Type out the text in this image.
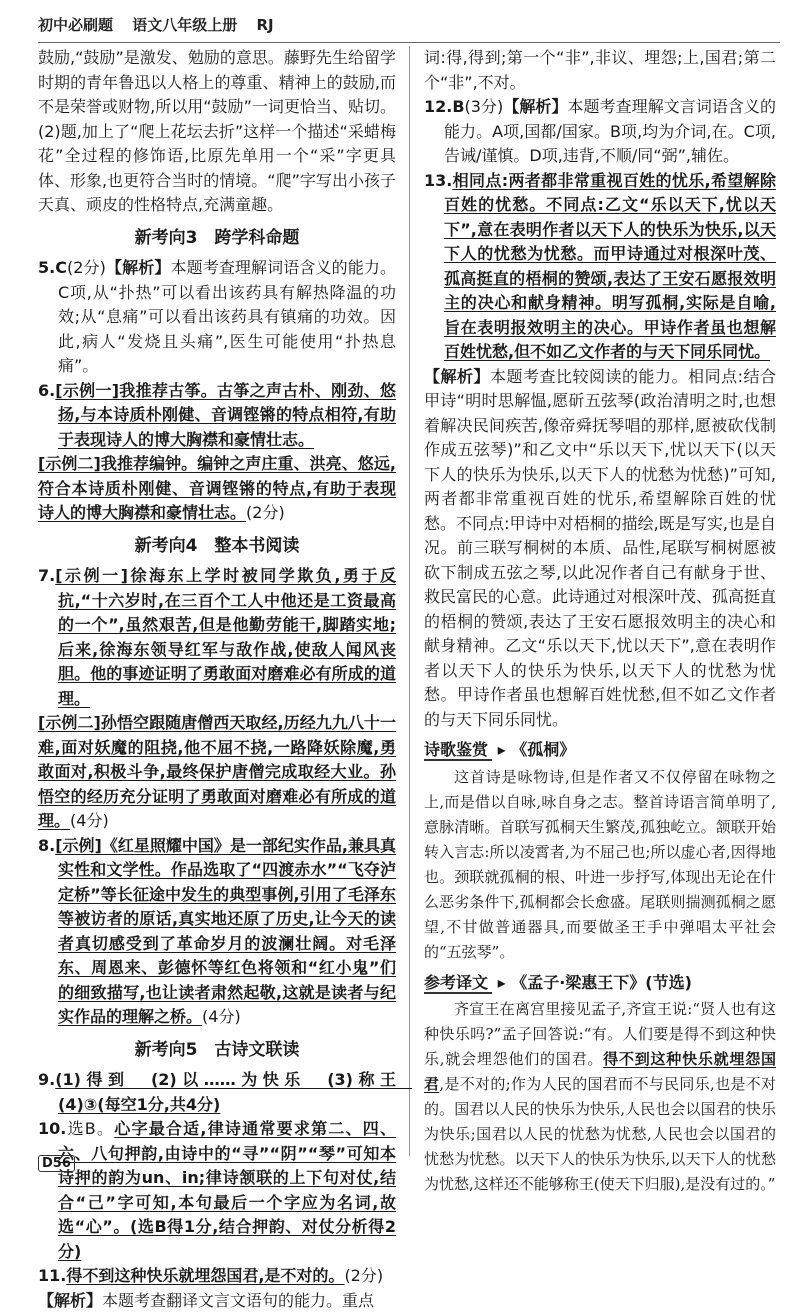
初中必刷题 语文八年级上册 RJ

鼓励,“鼓励”是激发、勉励的意思。藤野先生给留学时期的青年鲁迅以人格上的尊重、精神上的鼓励,而不是荣誉或财物,所以用“鼓励”一词更恰当、贴切。(2)题,加上了“爬上花坛去折”这样一个描述“采蜡梅花”全过程的修饰语,比原先单用一个“采”字更具体、形象,也更符合当时的情境。“爬”字写出小孩子天真、顽皮的性格特点,充满童趣。

新考向3　跨学科命题

5.C(2分)【解析】本题考查理解词语含义的能力。C项,从“扑热”可以看出该药具有解热降温的功效;从“息痛”可以看出该药具有镇痛的功效。因此,病人“发烧且头痛”,医生可能使用“扑热息痛”。

6.[示例一]我推荐古筝。古筝之声古朴、刚劲、悠扬,与本诗质朴刚健、音调铿锵的特点相符,有助于表现诗人的博大胸襟和豪情壮志。

[示例二]我推荐编钟。编钟之声庄重、洪亮、悠远,符合本诗质朴刚健、音调铿锵的特点,有助于表现诗人的博大胸襟和豪情壮志。(2分)

新考向4　整本书阅读

7.[示例一]徐海东上学时被同学欺负,勇于反抗,“十六岁时,在三百个工人中他还是工资最高的一个”,虽然艰苦,但是他勤劳能干,脚踏实地;后来,徐海东领导红军与敌作战,使敌人闻风丧胆。他的事迹证明了勇敢面对磨难必有所成的道理。

[示例二]孙悟空跟随唐僧西天取经,历经九九八十一难,面对妖魔的阻挠,他不屈不挠,一路降妖除魔,勇敢面对,积极斗争,最终保护唐僧完成取经大业。孙悟空的经历充分证明了勇敢面对磨难必有所成的道理。(4分)

8.[示例]《红星照耀中国》是一部纪实作品,兼具真实性和文学性。作品选取了“四渡赤水”“飞夺泸定桥”等长征途中发生的典型事例,引用了毛泽东等被访者的原话,真实地还原了历史,让今天的读者真切感受到了革命岁月的波澜壮阔。对毛泽东、周恩来、彭德怀等红色将领和“红小鬼”们的细致描写,也让读者肃然起敬,这就是读者与纪实作品的理解之桥。(4分)

新考向5　古诗文联读

9.(1)得到　(2)以……为快乐　(3)称王　(4)③(每空1分,共4分)

10.选B。心字最合适,律诗通常要求第二、四、六、八句押韵,由诗中的“寻”“阴”“琴”可知本诗押的韵为un、in;律诗颔联的上下句对仗,结合“己”字可知,本句最后一个字应为名词,故选“心”。(选B得1分,结合押韵、对仗分析得2分)

11.得不到这种快乐就埋怨国君,是不对的。(2分)

【解析】本题考查翻译文言文语句的能力。重点

词:得,得到;第一个“非”,非议、埋怨;上,国君;第二个“非”,不对。

12.B(3分)【解析】本题考查理解文言词语含义的能力。A项,国都/国家。B项,均为介词,在。C项,告诫/谨慎。D项,违背,不顺/同“弼”,辅佐。

13.相同点:两者都非常重视百姓的忧乐,希望解除百姓的忧愁。不同点:乙文“乐以天下,忧以天下”,意在表明作者以天下人的快乐为快乐,以天下人的忧愁为忧愁。而甲诗通过对根深叶茂、孤高挺直的梧桐的赞颂,表达了王安石愿报效明主的决心和献身精神。明写孤桐,实际是自喻,旨在表明报效明主的决心。甲诗作者虽也想解百姓忧愁,但不如乙文作者的与天下同乐同忧。

【解析】本题考查比较阅读的能力。相同点:结合甲诗“明时思解愠,愿斫五弦琴(政治清明之时,也想着解决民间疾苦,像帝舜抚琴唱的那样,愿被砍伐制作成五弦琴)”和乙文中“乐以天下,忧以天下(以天下人的快乐为快乐,以天下人的忧愁为忧愁)”可知,两者都非常重视百姓的忧乐,希望解除百姓的忧愁。不同点:甲诗中对梧桐的描绘,既是写实,也是自况。前三联写桐树的本质、品性,尾联写桐树愿被砍下制成五弦之琴,以此况作者自己有献身于世、救民富民的心意。此诗通过对根深叶茂、孤高挺直的梧桐的赞颂,表达了王安石愿报效明主的决心和献身精神。乙文“乐以天下,忧以天下”,意在表明作者以天下人的快乐为快乐,以天下人的忧愁为忧愁。甲诗作者虽也想解百姓忧愁,但不如乙文作者的与天下同乐同忧。

诗歌鉴赏 ▸ 《孤桐》

这首诗是咏物诗,但是作者又不仅停留在咏物之上,而是借以自咏,咏自身之志。整首诗语言简单明了,意脉清晰。首联写孤桐天生繁茂,孤独屹立。颔联开始转入言志:所以凌霄者,为不屈己也;所以虚心者,因得地也。颈联就孤桐的根、叶进一步抒写,体现出无论在什么恶劣条件下,孤桐都会长愈盛。尾联则揣测孤桐之愿望,不甘做普通器具,而要做圣王手中弹唱太平社会的“五弦琴”。

参考译文 ▸ 《孟子·梁惠王下》(节选)

齐宣王在离宫里接见孟子,齐宣王说:“贤人也有这种快乐吗?”孟子回答说:“有。人们要是得不到这种快乐,就会埋怨他们的国君。得不到这种快乐就埋怨国君,是不对的;作为人民的国君而不与民同乐,也是不对的。国君以人民的快乐为快乐,人民也会以国君的快乐为快乐;国君以人民的忧愁为忧愁,人民也会以国君的忧愁为忧愁。以天下人的快乐为快乐,以天下人的忧愁为忧愁,这样还不能够称王(使天下归服),是没有过的。”

D56
